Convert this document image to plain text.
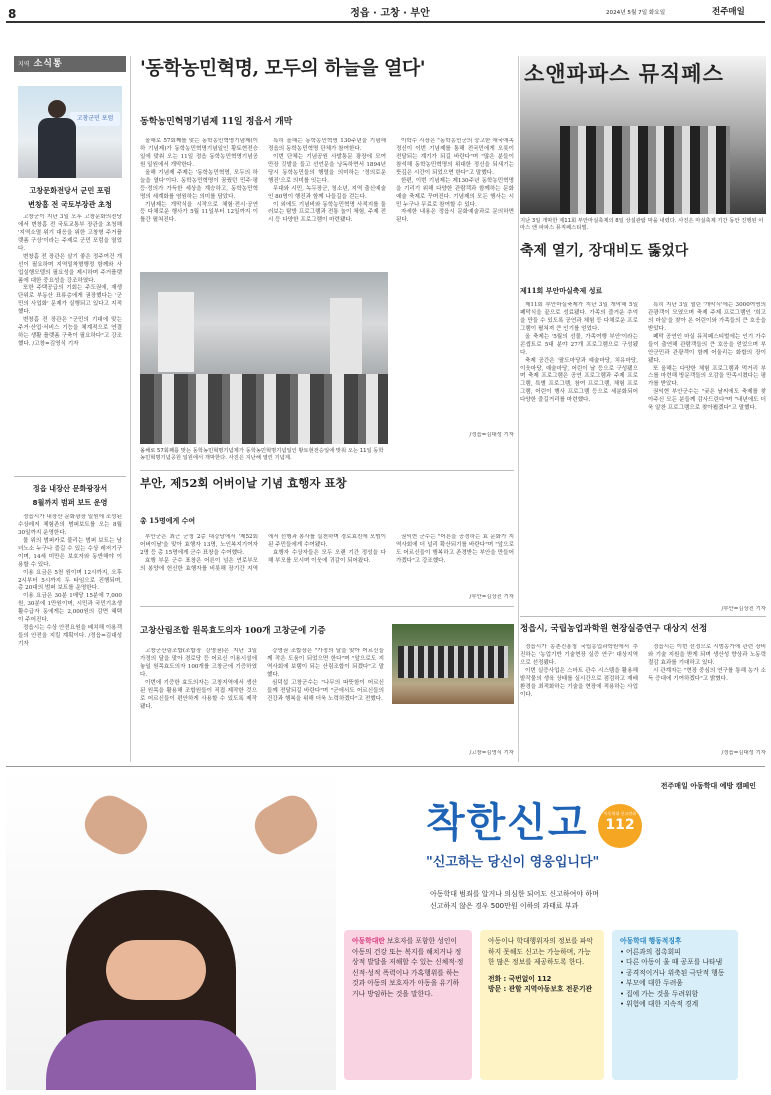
8	정읍 · 고창 · 부안	2024년 5월 7일 화요일	전주매일
지역 소식통
고창군민 포럼
고창문화전당서 군민 포럼
변창흠 전 국토부장관 초청

고창군이 지난 3일 오후 고창문화의전당에서 변창흠 전 국토교통부 장관을 초청해 '지역소멸 위기 대응을 위한 고창형 주거플랫폼 구상'이라는 주제로 군민 포럼을 열었다.

변창흠 전 장관은 살기 좋은 정주여건 개선이 필요하며 지역밀착형행정 함께와 사업실행모델의 필요성을 제시하며 주거플랫폼에 대한 중요성을 강조하였다.

또한 주택공급의 기회는 주도권에, 재생단위로 부동산 표류층에게 권장했다는 '군민의 사업화' 문제가 실행되고 있다고 지적했다.

변창흠 전 장관은 "군민의 기대에 맞는 주거·산업·서비스 기능을 체계적으로 연결하는 생활 플랫폼 구축이 필요하다"고 강조했다. /고창=김영식 기자

정읍 내장산 문화광장서
8월까지 범퍼 보트 운영

정읍시가 내장산 문화광장 일원에 조성된 수상레저 체험존의 범퍼보트를 오는 8월 30일까지 운영한다.

물 위의 범퍼카로 불리는 범퍼 보트는 남녀노소 누구나 즐길 수 있는 수상 레저기구이며, 14세 미만은 보호자와 동반해야 이용할 수 있다.

이용 요금은 5천 원이며 12시까지, 오후 2시부터 5시까지 두 타임으로 진행되며, 총 20대의 범퍼 보트를 운영한다.

이용 요금은 30분 1매당 15분에 7,000원, 30분에 1만원이며, 시민과 국민기초생활수급자 동에게는 2,000원의 감면 혜택이 주어진다.

정읍시는 수상 안전요원을 배치해 이용객들의 안전을 지킬 계획이다. /정읍=김대성 기자

'동학농민혁명, 모두의 하늘을 열다'
동학농민혁명기념제 11일 정읍서 개막

올해로 57회째를 맞는 동학농민혁명기념제(이하 기념제)가 동학농민혁명기념일인 황토현전승일에 맞춰 오는 11일 정읍 동학농민혁명기념공원 일원에서 개막한다.

올해 기념제 주제는 '동학농민혁명, 모두의 하늘을 열다'이다. 동학농민혁명이 꿈꿨던 민주·평등·정의가 가득한 세상을 계승하고, 동학농민혁명의 세계화를 염원하는 의미를 담았다.

기념제는 개막식을 시작으로 체험·전시·공연 등 다채로운 행사가 5월 11일부터 12일까지 이틀간 펼쳐진다.

특히 올해는 동학농민혁명 130주년을 기념해 정읍의 동학농민혁명 단체가 참여한다.

이번 단체는 기념공원 사발통문 광장에 모여 만장 깃발을 들고 선언문을 낭독하면서 1894년 당시 동학농민들의 행렬을 의미하는 '정의로운 행진'으로 의미를 잇는다.

무대와 시민, 녹두장군, 청소년, 지역 출신예술인 80명이 행진과 함께 나들길을 걷는다.

이 외에도 기념비와 동학농민혁명 사적지를 둘러보는 탐방 프로그램과 전통 놀이 체험, 주제 전시 등 다양한 프로그램이 마련됐다.

이학수 시장은 "동학농민군의 숭고한 애국애족 정신이 이번 기념제를 통해 전국민에게 오롯이 전달되는 계기가 되길 바란다"며 "많은 분들이 참석해 동학농민혁명의 위대한 정신을 되새기는 뜻깊은 시간이 되었으면 한다"고 말했다.

한편, 이번 기념제는 제130주년 동학농민혁명을 기리기 위해 다양한 관람객과 함께하는 문화예술 축제로 꾸며진다. 기념제의 모든 행사는 시민 누구나 무료로 참여할 수 있다.

자세한 내용은 정읍시 문화예술과로 문의하면 된다.

올해로 57회째를 맞는 동학농민혁명기념제가 동학농민혁명기념일인 황토현전승일에 맞춰 오는 11일 동학농민혁명기념공원 일원에서 개막한다. 사진은 지난해 열린 기념제.
/정읍=김대성 기자
소앤파파스 뮤직페스
지난 3일 개막한 제11회 부안마실축제의 8일 상설관람 막을 내렸다. 사진은 마실축제 기간 동안 진행된 이마스 앤 파파스 뮤직페스티벌.
축제 열기, 장대비도 뚫었다
제11회 부안마실축제 성료

제11회 부안마실축제가 지난 3일 개막해 5일 폐막식을 끝으로 성료됐다. 가족의 즐거운 추억을 만들 수 있도록 공연과 체험 등 다채로운 프로그램이 펼쳐져 큰 인기를 얻었다.

올 축제는 '5월의 선물, 가족여행 부안'이라는 콘셉트로 5대 분야 27개 프로그램으로 구성됐다.

축제 공간은 '팔도마당과 예술마당, 치유마당, 이웃마당, 예술마당, 어린이 날 등으로 구성됐으며 축제 프로그램은 공연 프로그램과 주제 프로그램, 특별 프로그램, 참여 프로그램, 체험 프로그램, 어린이 행사 프로그램 등으로 세분화되어 다양한 즐길거리를 마련했다.

특히 지난 3일 열린 '개막식'에는 3000여명의 관광객이 모였으며 축제 주제 프로그램인 '희고의 마실'을 찾아 온 어린이와 가족들의 큰 호응을 받았다.

폐막 공연인 마실 뮤직페스티벌에는 인기 가수들이 출연해 관람객들의 큰 호응을 얻었으며 부안군민과 관광객이 함께 어울리는 화합의 장이 됐다.

또 올해는 다양한 체험 프로그램과 먹거리 부스를 마련해 방문객들의 오감을 만족시켰다는 평가를 받았다.

권익현 부안군수는 "궂은 날씨에도 축제를 찾아주신 모든 분들께 감사드린다"며 "내년에도 더욱 알찬 프로그램으로 찾아뵙겠다"고 말했다.

/부안=김상진 기자
정읍시, 국립농업과학원 현장실증연구 대상지 선정

정읍시가 농촌진흥청 국립농업과학원에서 추진하는 '농업기반 기술현장 실증 연구' 대상지역으로 선정됐다.

이번 실증사업은 스마트 관수 시스템을 활용해 밭작물의 생육 상태를 실시간으로 점검하고 재배 환경을 최적화하는 기술을 현장에 적용하는 사업이다.

정읍시는 이번 선정으로 시범농가에 관련 장비와 기술 지원을 받게 되며 생산성 향상과 노동력 절감 효과를 기대하고 있다.

시 관계자는 "현장 중심의 연구를 통해 농가 소득 증대에 기여하겠다"고 밝혔다.

/정읍=김대성 기자
부안, 제52회 어버이날 기념 효행자 표창
총 15명에게 수여

부안군은 최근 군청 2층 대강당에서 '제52회 어버이날'을 맞아 효행자 13명, 노인복지기여자 2명 등 총 15명에게 군수 표창을 수여했다.

효행 부문 군수 표창은 어른이 넘은 연로부모의 봉양에 헌신한 효행자를 비롯해 장기간 지역에서 선행과 봉사를 실천하며 경로효친에 모범이 된 주민들에게 수여됐다.

효행자 수상자들은 모두 오랜 기간 정성을 다해 부모를 모시며 이웃에 귀감이 되어왔다.

권익현 군수는 "어른을 공경하는 효 문화가 지역사회에 더 널리 확산되기를 바란다"며 "앞으로도 어르신들이 행복하고 존경받는 부안을 만들어가겠다"고 강조했다.

/부안=김상진 기자
고창산림조합 원목효도의자 100개 고창군에 기증

고창군산림조합(조합장 강영권)은 지난 3일 가정의 달을 맞아 경로당 등 어르신 이용시설에 놓일 원목효도의자 100개를 고창군에 기증하였다.

이번에 기증한 효도의자는 고창지역에서 생산된 원목을 활용해 조합원들이 직접 제작한 것으로 어르신들이 편안하게 사용할 수 있도록 제작됐다.

강영권 조합장은 "가정의 달을 맞아 어르신들께 작은 도움이 되었으면 한다"며 "앞으로도 지역사회에 보탬이 되는 산림조합이 되겠다"고 말했다.

심덕섭 고창군수는 "나무의 따뜻함이 어르신들께 전달되길 바란다"며 "군에서도 어르신들의 건강과 행복을 위해 더욱 노력하겠다"고 전했다.

/고창=김영식 기자
전주매일 아동학대 예방 캠페인
착한신고	아동학대 신고전화
112
"신고하는 당신이 영웅입니다"
아동학대 범죄를 알거나 의심한 되어도 신고하여야 하며
신고하지 않은 경우 500만원 이하의 과태료 부과
아동학대란 보호자를 포함한 성인이 아동의 건강 또는 복지를 해치거나 정상적 발달을 저해할 수 있는 신체적·정신적·성적 폭력이나 가혹행위를 하는 것과 아동의 보호자가 아동을 유기하거나 방임하는 것을 말한다.
아동이나 학대행위자의 정보를 파악하지 못해도 신고는 가능하며, 가능한 많은 정보를 제공하도록 한다.
전화 : 국번없이 112
방문 : 관할 지역아동보호 전문기관
아동학대 행동적징후
• 어른과의 접촉회피
• 다른 아동이 울 때 공포를 나타냄
• 공격적이거나 위축된 극단적 행동
• 부모에 대한 두려움
• 집에 가는 것을 두려워함
• 위험에 대한 지속적 경계
